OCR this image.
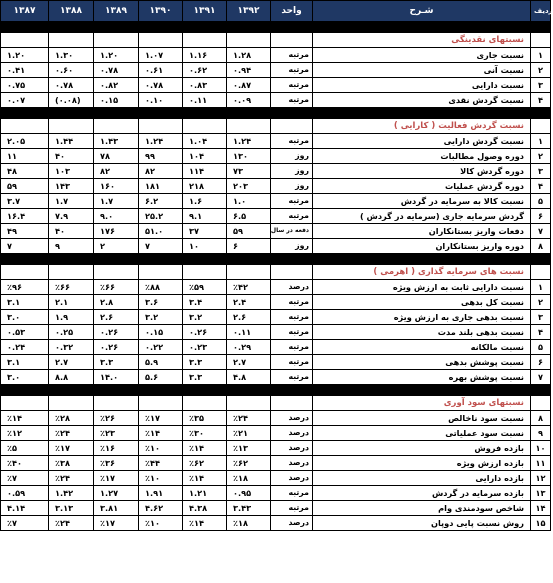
۱۳۸۷	۱۳۸۸	۱۳۸۹	۱۳۹۰	۱۳۹۱	۱۳۹۲	واحد	شـرح	ردیف

							نسبتهای نقدینگی	
۱.۲۰	۱.۳۰	۱.۲۰	۱.۰۷	۱.۱۶	۱.۲۸	مرتبه	نسبت جاری	۱
۰.۴۱	۰.۶۰	۰.۷۸	۰.۶۱	۰.۶۲	۰.۹۴	مرتبه	نسبت آنی	۲
۰.۷۵	۰.۷۸	۰.۸۲	۰.۷۸	۰.۸۳	۰.۸۷	مرتبه	نسبت دارایی	۳
۰.۰۷	(۰.۰۸)	۰.۱۵	۰.۱۰	۰.۱۱	۰.۰۹	مرتبه	نسبت گردش نقدی	۴

							نسبت گردش فعالیت ( کارایی )	
۲.۰۵	۱.۴۴	۱.۴۳	۱.۲۴	۱.۰۴	۱.۲۴	مرتبه	نسبت گردش دارایی	۱
۱۱	۴۰	۷۸	۹۹	۱۰۴	۱۳۰	روز	دوره وصول مطالبات	۲
۴۸	۱۰۳	۸۲	۸۲	۱۱۴	۷۳	روز	دوره گردش کالا	۳
۵۹	۱۴۳	۱۶۰	۱۸۱	۲۱۸	۲۰۳	روز	دوره گردش عملیات	۴
۳.۷	۱.۷	۱.۷	۶.۲	۱.۶	۱.۰	مرتبه	نسبت کالا به سرمایه در گردش	۵
۱۶.۴	۷.۹	۹.۰	۲۵.۲	۹.۱	۶.۵	مرتبه	گردش سرمایه جاری (سرمایه در گردش )	۶
۴۹	۴۰	۱۷۶	۵۱.۰	۳۷	۵۹	دفعه در سال	دفعات واریز بستانکاران	۷
۷	۹	۲	۷	۱۰	۶	روز	دوره واریز بستانکاران	۸

							نسبت های سرمایه گذاری ( اهرمی )	
٪۹۶	٪۶۶	٪۶۶	٪۸۸	٪۵۹	٪۴۲	درصد	نسبت دارایی ثابت به ارزش ویژه	۱
۳.۱	۲.۱	۲.۸	۳.۶	۳.۴	۲.۴	مرتبه	نسبت کل بدهی	۲
۳.۰	۱.۹	۲.۶	۳.۲	۳.۲	۲.۶	مرتبه	نسبت بدهی جاری به ارزش ویژه	۳
۰.۵۳	۰.۲۵	۰.۲۶	۰.۱۵	۰.۲۶	۰.۱۱	مرتبه	نسبت بدهی بلند مدت	۴
۰.۲۴	۰.۳۲	۰.۲۶	۰.۲۲	۰.۲۳	۰.۲۹	مرتبه	نسبت مالکانه	۵
۳.۱	۲.۷	۳.۳	۵.۹	۳.۳	۲.۷	مرتبه	نسبت پوشش بدهی	۶
۳.۰	۸.۸	۱۴.۰	۵.۶	۳.۳	۴.۸	مرتبه	نسبت پوشش بهره	۷

							نسبتهای سود آوری	
٪۱۴	٪۲۸	٪۲۶	٪۱۷	٪۳۵	٪۲۴	درصد	نسبت سود ناخالص	۸
٪۱۲	٪۲۴	٪۲۳	٪۱۴	٪۳۰	٪۲۱	درصد	نسبت سود عملیاتی	۹
٪۵	٪۱۷	٪۱۶	٪۱۰	٪۱۴	٪۱۳	درصد	بازده فروش	۱۰
٪۴۰	٪۳۸	٪۳۶	٪۴۴	٪۶۲	٪۶۲	درصد	بازده ارزش ویژه	۱۱
٪۷	٪۲۴	٪۱۷	٪۱۰	٪۱۴	٪۱۸	درصد	بازده دارایی	۱۲
۰.۵۹	۱.۴۲	۱.۲۷	۱.۹۱	۱.۲۱	۰.۹۵	مرتبه	بازده سرمایه در گردش	۱۳
۴.۱۴	۳.۱۳	۳.۸۱	۴.۶۲	۴.۳۸	۳.۴۳	مرتبه	شاخص سودمندی وام	۱۴
٪۷	٪۲۴	٪۱۷	٪۱۰	٪۱۴	٪۱۸	درصد	روش نسبت پایی دوپان	۱۵
